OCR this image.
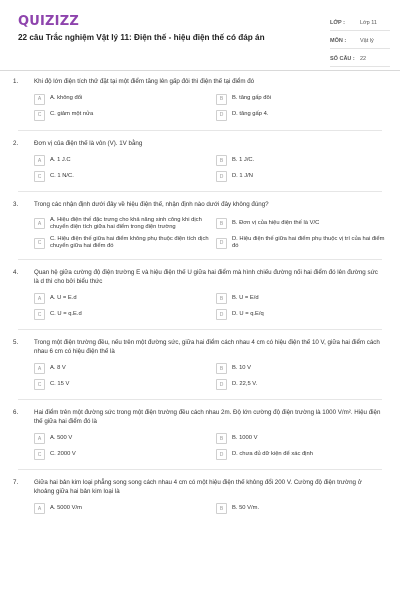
QUIZIZZ
22 câu Trắc nghiệm Vật lý 11: Điện thế - hiệu điện thế có đáp án
LỚP :	Lớp 11
MÔN :	Vật lý
SỐ CÂU : 22
1.	Khi độ lớn điện tích thử đặt tại một điểm tăng lên gấp đôi thì điện thế tại điểm đó
A	A. không đổi	B	B. tăng gấp đôi
C	C. giảm một nửa	D	D. tăng gấp 4.
2.	Đơn vị của điện thế là vôn (V). 1V bằng
A	A. 1 J.C	B	B. 1 J/C.
C	C. 1 N/C.	D	D. 1 J/N
3.	Trong các nhận định dưới đây về hiệu điện thế, nhận định nào dưới đây không đúng?
A
A. Hiệu điện thế đặc trưng cho khả năng sinh công khi dịch chuyển điện tích giữa hai điểm trong điện trường	B	B. Đơn vị của hiệu điện thế là V/C
C
C. Hiệu điện thế giữa hai điểm không phụ thuộc điện tích dịch chuyển giữa hai điểm đó	D
D. Hiệu điện thế giữa hai điểm phụ thuộc vị trí của hai điểm đó
4.	Quan hệ giữa cường độ điện trường E và hiệu điện thế U giữa hai điểm mà hình chiếu đường nối hai điểm đó lên đường sức là d thì cho bởi biểu thức
A	A. U = E.d	B	B. U = E/d
C	C. U = q.E.d	D	D. U = q.E/q
5.	Trong một điện trường đều, nếu trên một đường sức, giữa hai điểm cách nhau 4 cm có hiệu điện thế 10 V, giữa hai điểm cách nhau 6 cm có hiệu điện thế là
A	A. 8 V	B	B. 10 V
C	C. 15 V	D	D. 22,5 V.
6.	Hai điểm trên một đường sức trong một điện trường đều cách nhau 2m. Độ lớn cường độ điện trường là 1000 V/m². Hiệu điện thế giữa hai điểm đó là
A	A. 500 V	B	B. 1000 V
C	C. 2000 V	D	D. chưa đủ dữ kiện để xác định
7.	Giữa hai bản kim loại phẳng song song cách nhau 4 cm có một hiệu điện thế không đổi 200 V. Cường độ điện trường ở khoảng giữa hai bản kim loại là
A	A. 5000 V/m	B	B. 50 V/m.
